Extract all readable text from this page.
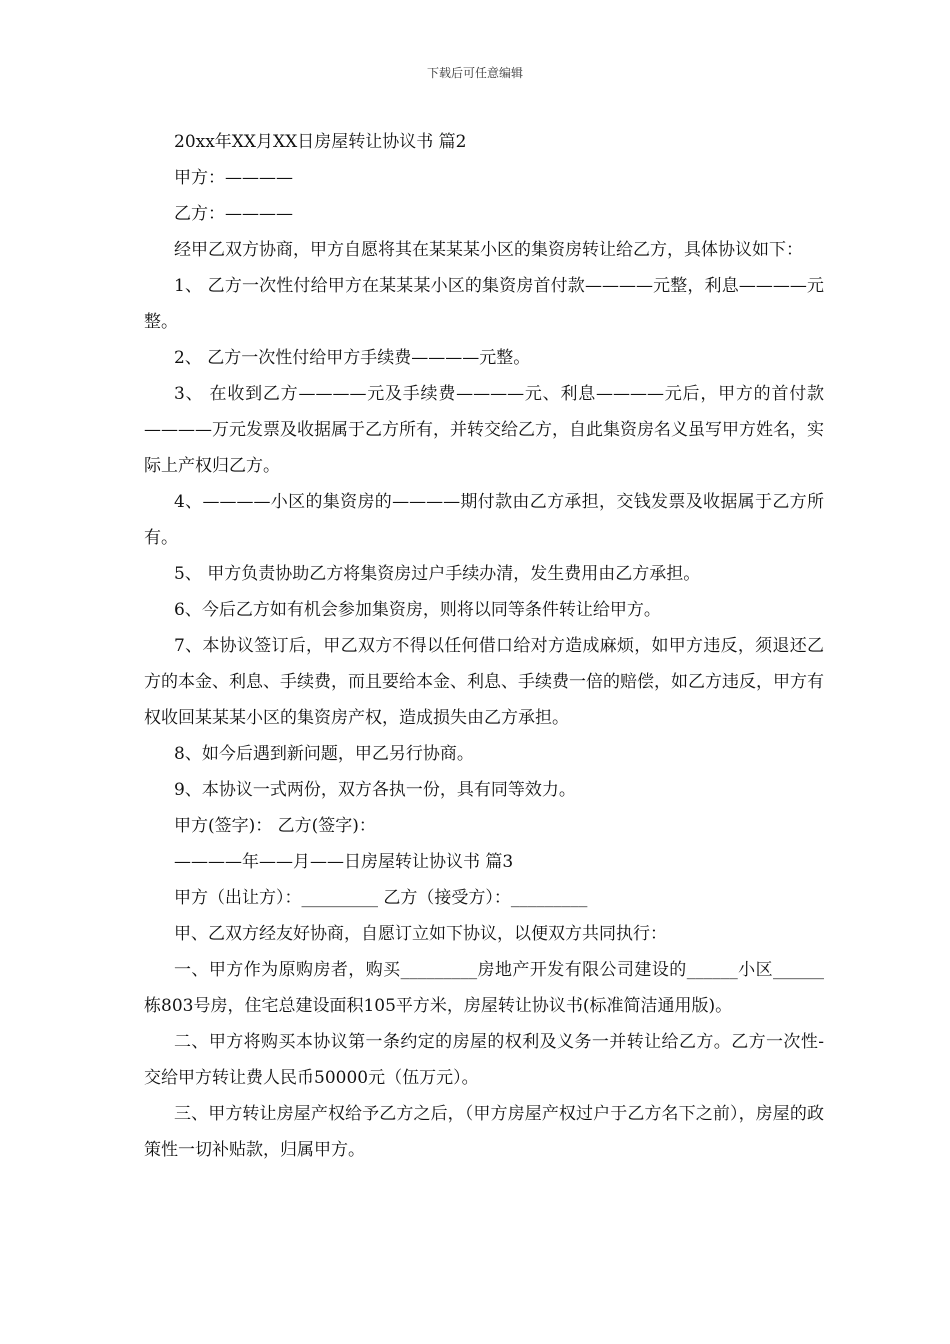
下载后可任意编辑

20xx年XX月XX日房屋转让协议书 篇2

甲方：————

乙方：————

经甲乙双方协商，甲方自愿将其在某某某小区的集资房转让给乙方，具体协议如下：

1、 乙方一次性付给甲方在某某某小区的集资房首付款————元整，利息————元整。

2、 乙方一次性付给甲方手续费————元整。

3、 在收到乙方————元及手续费————元、利息————元后，甲方的首付款————万元发票及收据属于乙方所有，并转交给乙方，自此集资房名义虽写甲方姓名，实际上产权归乙方。

4、————小区的集资房的————期付款由乙方承担，交钱发票及收据属于乙方所有。

5、 甲方负责协助乙方将集资房过户手续办清，发生费用由乙方承担。

6、今后乙方如有机会参加集资房，则将以同等条件转让给甲方。

7、本协议签订后，甲乙双方不得以任何借口给对方造成麻烦，如甲方违反，须退还乙方的本金、利息、手续费，而且要给本金、利息、手续费一倍的赔偿，如乙方违反，甲方有权收回某某某小区的集资房产权，造成损失由乙方承担。

8、如今后遇到新问题，甲乙另行协商。

9、本协议一式两份，双方各执一份，具有同等效力。

甲方(签字)： 乙方(签字)：

————年——月——日房屋转让协议书 篇3

甲方（出让方）：_________ 乙方（接受方）：_________

甲、乙双方经友好协商，自愿订立如下协议，以便双方共同执行：

一、甲方作为原购房者，购买_________房地产开发有限公司建设的______小区______栋803号房，住宅总建设面积105平方米，房屋转让协议书(标准简洁通用版)。

二、甲方将购买本协议第一条约定的房屋的权利及义务一并转让给乙方。乙方一次性-交给甲方转让费人民币50000元（伍万元）。

三、甲方转让房屋产权给予乙方之后，（甲方房屋产权过户于乙方名下之前），房屋的政策性一切补贴款，归属甲方。
